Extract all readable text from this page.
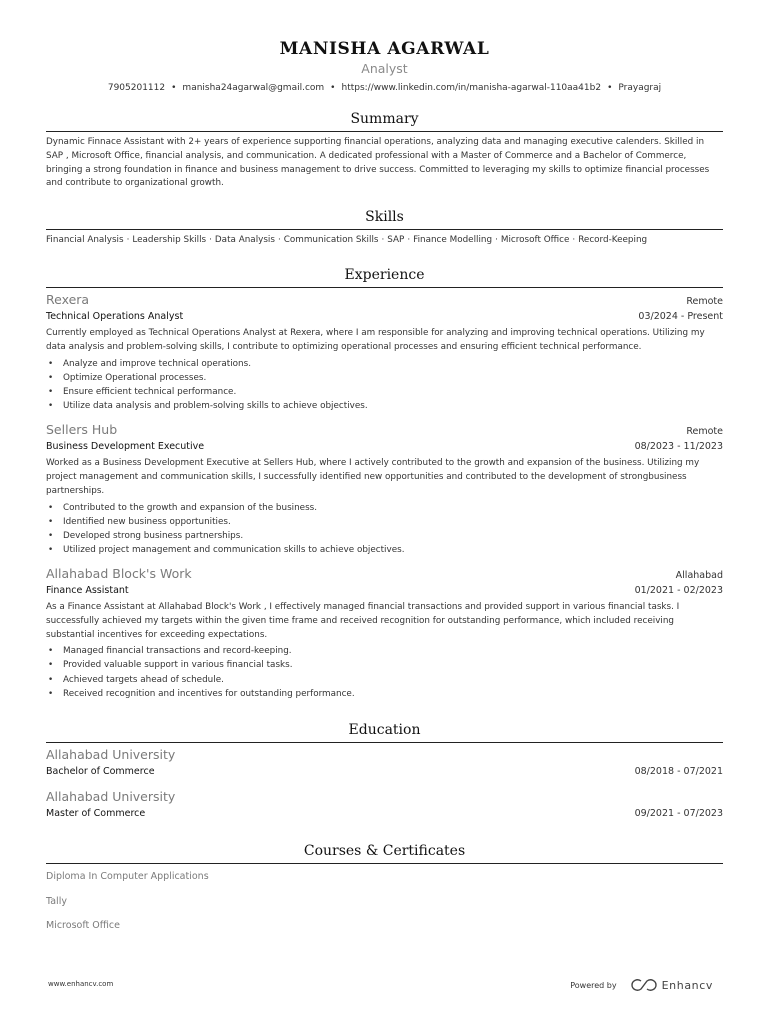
MANISHA AGARWAL
Analyst
7905201112 • manisha24agarwal@gmail.com • https://www.linkedin.com/in/manisha-agarwal-110aa41b2 • Prayagraj
Summary
Dynamic Finnace Assistant with 2+ years of experience supporting financial operations, analyzing data and managing executive calenders. Skilled in SAP , Microsoft Office, financial analysis, and communication. A dedicated professional with a Master of Commerce and a Bachelor of Commerce, bringing a strong foundation in finance and business management to drive success. Committed to leveraging my skills to optimize financial processes and contribute to organizational growth.
Skills
Financial Analysis · Leadership Skills · Data Analysis · Communication Skills · SAP · Finance Modelling · Microsoft Office · Record-Keeping
Experience
Rexera	Remote
Technical Operations Analyst	03/2024 - Present
Currently employed as Technical Operations Analyst at Rexera, where I am responsible for analyzing and improving technical operations. Utilizing my data analysis and problem-solving skills, I contribute to optimizing operational processes and ensuring efficient technical performance.
• Analyze and improve technical operations.
• Optimize Operational processes.
• Ensure efficient technical performance.
• Utilize data analysis and problem-solving skills to achieve objectives.
Sellers Hub	Remote
Business Development Executive	08/2023 - 11/2023
Worked as a Business Development Executive at Sellers Hub, where I actively contributed to the growth and expansion of the business. Utilizing my project management and communication skills, I successfully identified new opportunities and contributed to the development of strongbusiness partnerships.
• Contributed to the growth and expansion of the business.
• Identified new business opportunities.
• Developed strong business partnerships.
• Utilized project management and communication skills to achieve objectives.
Allahabad Block's Work	Allahabad
Finance Assistant	01/2021 - 02/2023
As a Finance Assistant at Allahabad Block's Work , I effectively managed financial transactions and provided support in various financial tasks. I successfully achieved my targets within the given time frame and received recognition for outstanding performance, which included receiving substantial incentives for exceeding expectations.
• Managed financial transactions and record-keeping.
• Provided valuable support in various financial tasks.
• Achieved targets ahead of schedule.
• Received recognition and incentives for outstanding performance.
Education
Allahabad University
Bachelor of Commerce	08/2018 - 07/2021
Allahabad University
Master of Commerce	09/2021 - 07/2023
Courses & Certificates
Diploma In Computer Applications
Tally
Microsoft Office
www.enhancv.com	Powered by	Enhancv
